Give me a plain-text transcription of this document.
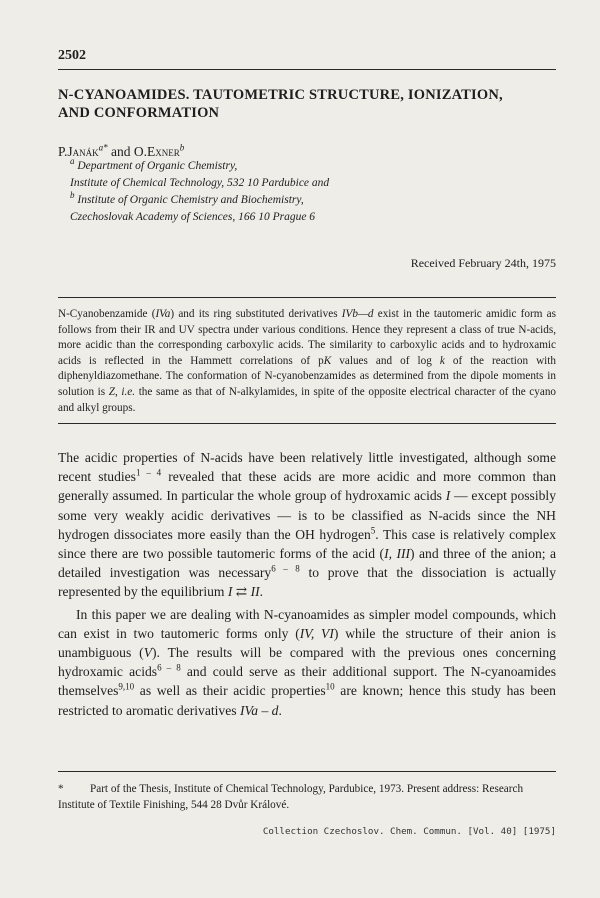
2502
N-CYANOAMIDES. TAUTOMETRIC STRUCTURE, IONIZATION,
AND CONFORMATION
P.Janák$^{a*}$ and O.Exner$^b$
$^a$ Department of Organic Chemistry,
Institute of Chemical Technology, 532 10 Pardubice and
$^b$ Institute of Organic Chemistry and Biochemistry,
Czechoslovak Academy of Sciences, 166 10 Prague 6
Received February 24th, 1975
N-Cyanobenzamide (IVa) and its ring substituted derivatives IVb—d exist in the tautomeric amidic form as follows from their IR and UV spectra under various conditions. Hence they represent a class of true N-acids, more acidic than the corresponding carboxylic acids. The similarity to carboxylic acids and to hydroxamic acids is reflected in the Hammett correlations of pK values and of log k of the reaction with diphenyldiazomethane. The conformation of N-cyanobenzamides as determined from the dipole moments in solution is Z, i.e. the same as that of N-alkylamides, in spite of the opposite electrical character of the cyano and alkyl groups.

The acidic properties of N-acids have been relatively little investigated, although some recent studies$^{1 - 4}$ revealed that these acids are more acidic and more common than generally assumed. In particular the whole group of hydroxamic acids I — except possibly some very weakly acidic derivatives — is to be classified as N-acids since the NH hydrogen dissociates more easily than the OH hydrogen$^5$. This case is relatively complex since there are two possible tautomeric forms of the acid (I, III) and three of the anion; a detailed investigation was necessary$^{6 - 8}$ to prove that the dissociation is actually represented by the equilibrium I ⇄ II.

In this paper we are dealing with N-cyanoamides as simpler model compounds, which can exist in two tautomeric forms only (IV, VI) while the structure of their anion is unambiguous (V). The results will be compared with the previous ones concerning hydroxamic acids$^{6 - 8}$ and could serve as their additional support. The N-cyanoamides themselves$^{9,10}$ as well as their acidic properties$^{10}$ are known; hence this study has been restricted to aromatic derivatives IVa – d.

* Part of the Thesis, Institute of Chemical Technology, Pardubice, 1973. Present address: Research Institute of Textile Finishing, 544 28 Dvůr Králové.
Collection Czechoslov. Chem. Commun. [Vol. 40] [1975]
